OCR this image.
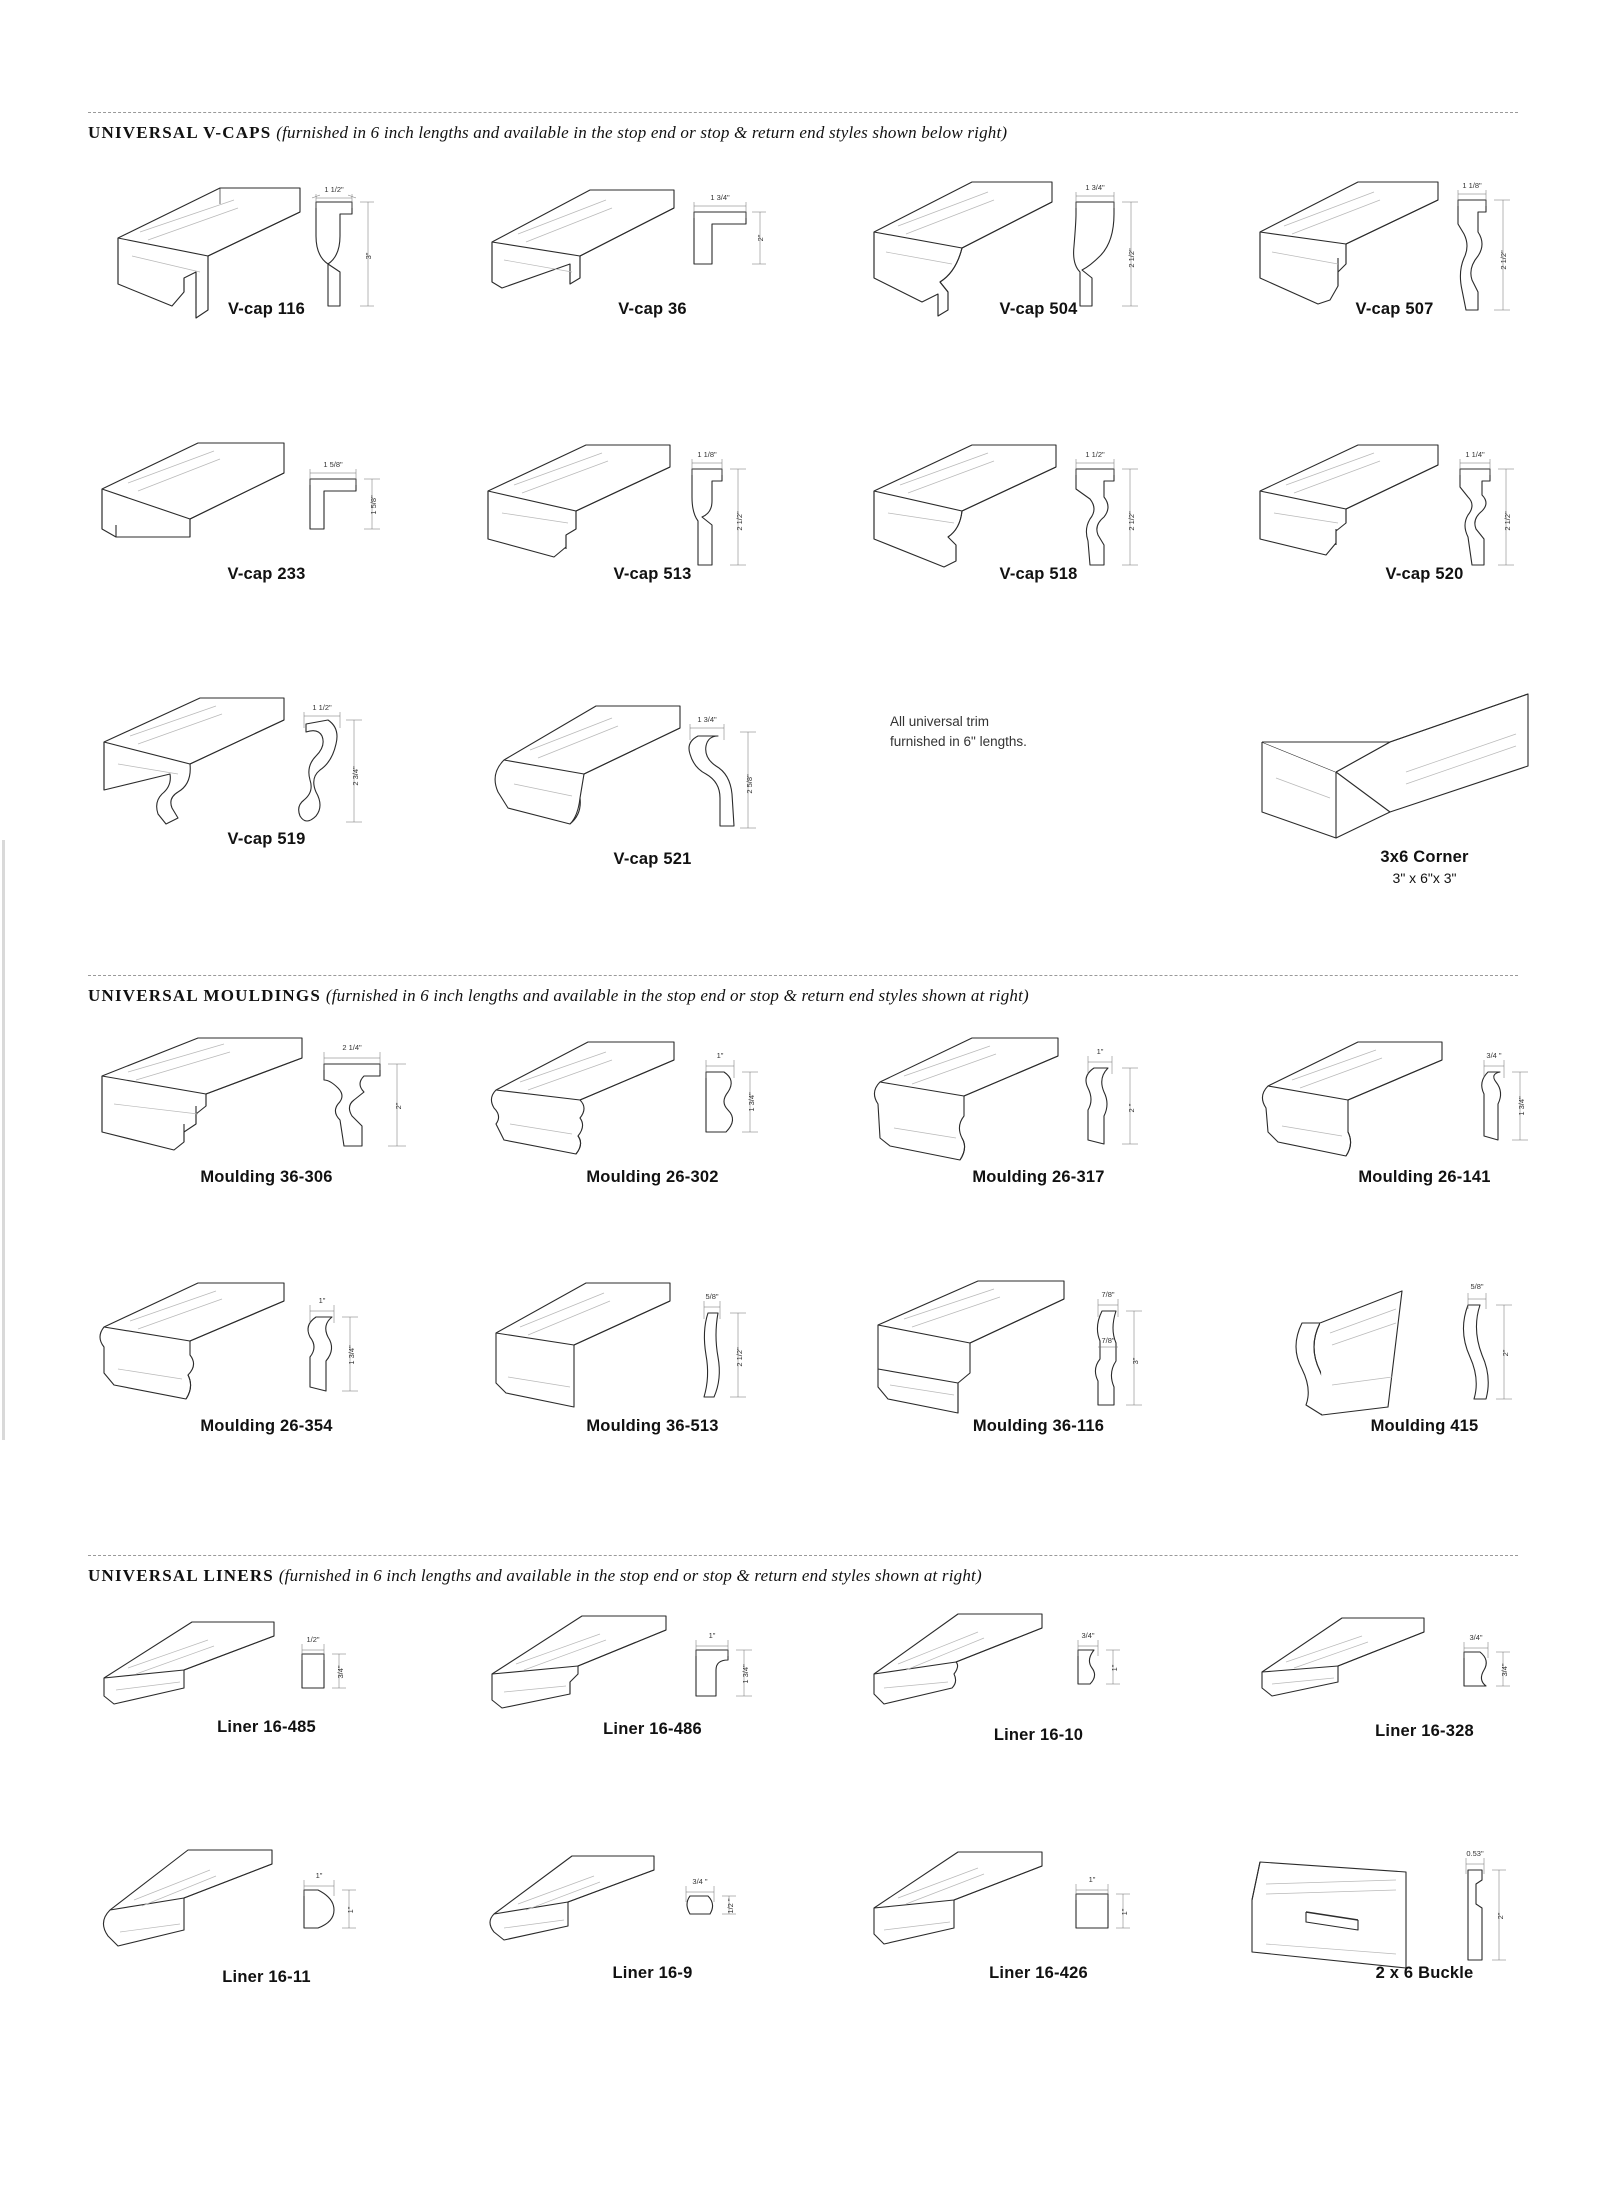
UNIVERSAL V-CAPS (furnished in 6 inch lengths and available in the stop end or stop & return end styles shown below right)
1 1/2"
3"
V-cap 116
1 3/4"
2"
V-cap 36
1 3/4"
2 1/2"
V-cap 504
1 1/8"
2 1/2"
V-cap 507
1 5/8"
1 5/8"
V-cap 233
1 1/8"
2 1/2"
V-cap 513
1 1/2"
2 1/2"
V-cap 518
1 1/4"
2 1/2"
V-cap 520
1 1/2"
2 3/4"
V-cap 519
1 3/4"
2 5/8"
V-cap 521
All universal trim
furnished in 6" lengths.
3x6 Corner
3" x 6"x 3"
UNIVERSAL MOULDINGS (furnished in 6 inch lengths and available in the stop end or stop & return end styles shown at right)
2 1/4"
2"
Moulding 36-306
1"
1 3/4"
Moulding 26-302
1"
2 "
Moulding 26-317
3/4 "
1 3/4"
Moulding 26-141
1"
1 3/4"
Moulding 26-354
5/8"
2 1/2"
Moulding 36-513
7/8"
7/8"
3"
Moulding 36-116
5/8"
2"
Moulding 415
UNIVERSAL LINERS (furnished in 6 inch lengths and available in the stop end or stop & return end styles shown at right)
1/2"
3/4"
Liner 16-485
1"
1 3/4"
Liner 16-486
3/4"
1"
Liner 16-10
3/4"
3/4"
Liner 16-328
1"
1"
Liner 16-11
3/4 "
1/2 "
Liner 16-9
1"
1"
Liner 16-426
0.53"
2"
2 x 6 Buckle
